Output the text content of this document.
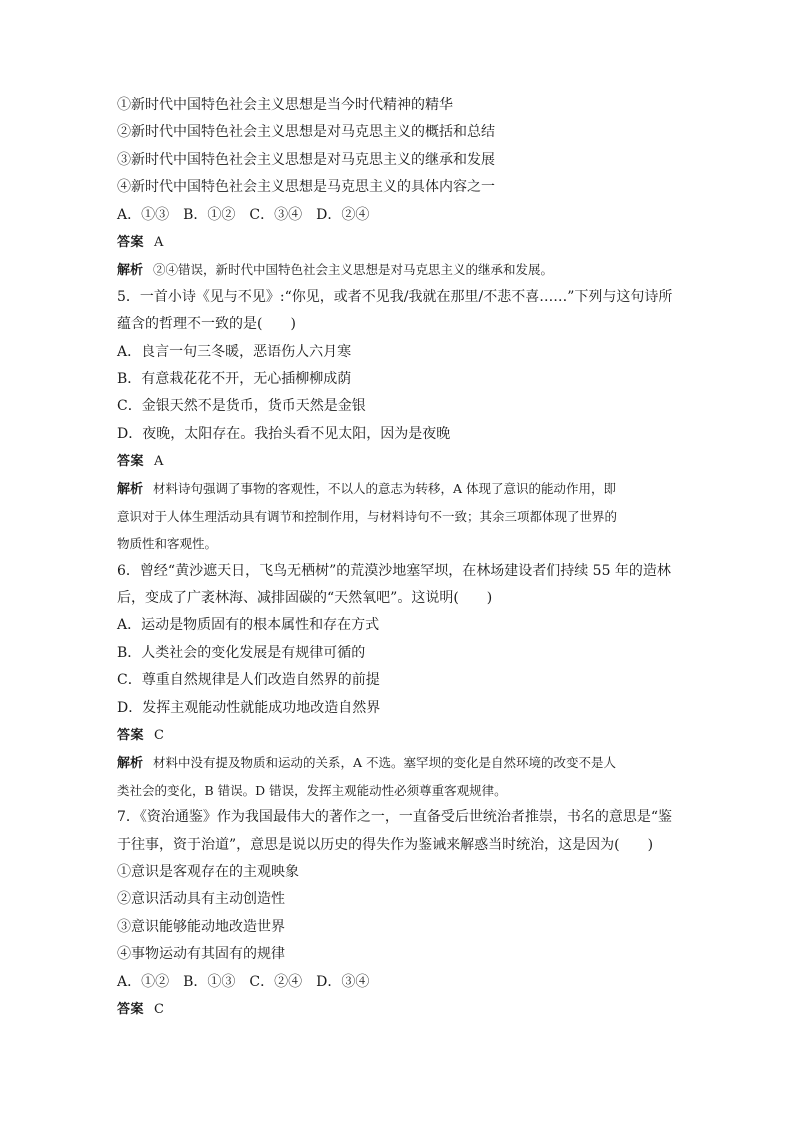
①新时代中国特色社会主义思想是当今时代精神的精华
②新时代中国特色社会主义思想是对马克思主义的概括和总结
③新时代中国特色社会主义思想是对马克思主义的继承和发展
④新时代中国特色社会主义思想是马克思主义的具体内容之一
A．①③　B．①②　C．③④　D．②④
答案 A
解析 ②④错误，新时代中国特色社会主义思想是对马克思主义的继承和发展。
5．一首小诗《见与不见》:“你见，或者不见我/我就在那里/不悲不喜……”下列与这句诗所
蕴含的哲理不一致的是(　　)
A．良言一句三冬暖，恶语伤人六月寒
B．有意栽花花不开，无心插柳柳成荫
C．金银天然不是货币，货币天然是金银
D．夜晚，太阳存在。我抬头看不见太阳，因为是夜晚
答案 A
解析 材料诗句强调了事物的客观性，不以人的意志为转移，A 体现了意识的能动作用，即
意识对于人体生理活动具有调节和控制作用，与材料诗句不一致；其余三项都体现了世界的
物质性和客观性。
6．曾经“黄沙遮天日，飞鸟无栖树”的荒漠沙地塞罕坝，在林场建设者们持续 55 年的造林
后，变成了广袤林海、减排固碳的“天然氧吧”。这说明(　　)
A．运动是物质固有的根本属性和存在方式
B．人类社会的变化发展是有规律可循的
C．尊重自然规律是人们改造自然界的前提
D．发挥主观能动性就能成功地改造自然界
答案 C
解析 材料中没有提及物质和运动的关系，A 不选。塞罕坝的变化是自然环境的改变不是人
类社会的变化，B 错误。D 错误，发挥主观能动性必须尊重客观规律。
7．《资治通鉴》作为我国最伟大的著作之一，一直备受后世统治者推崇，书名的意思是“鉴
于往事，资于治道”，意思是说以历史的得失作为鉴诫来解惑当时统治，这是因为(　　)
①意识是客观存在的主观映象
②意识活动具有主动创造性
③意识能够能动地改造世界
④事物运动有其固有的规律
A．①②　B．①③　C．②④　D．③④
答案 C
